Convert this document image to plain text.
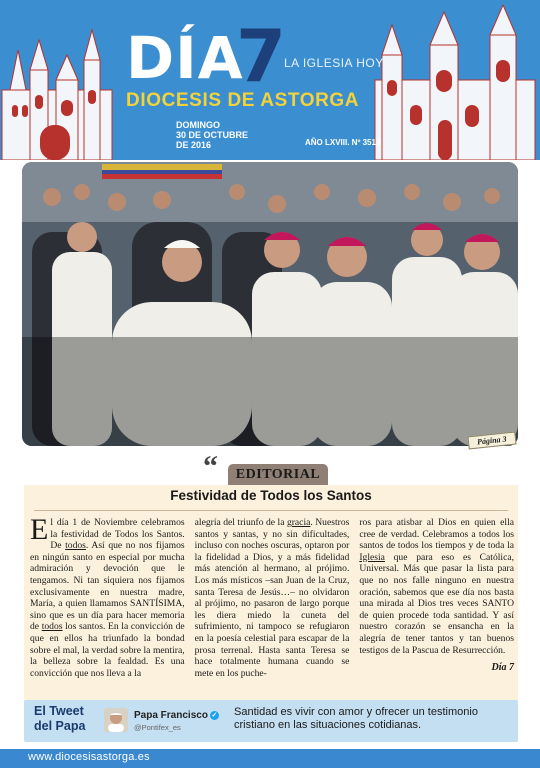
DÍA
7
LA IGLESIA HOY
DIOCESIS DE ASTORGA
DOMINGO
30 DE OCTUBRE
DE 2016	AÑO LXVIII. Nº 3519
Página 3
“	EDITORIAL
Festividad de Todos los Santos
El día 1 de Noviembre celebramos la festividad de Todos los Santos. De todos. Así que no nos fijamos en ningún santo en especial por mucha admiración y devoción que le tengamos. Ni tan siquiera nos fijamos exclusivamente en nuestra madre, María, a quien llamamos SANTÍSIMA, sino que es un día para hacer memoria de todos los santos. En la convicción de que en ellos ha triunfado la bondad sobre el mal, la verdad sobre la mentira, la belleza sobre la fealdad. Es una convicción que nos lleva a la
alegría del triunfo de la gracia. Nuestros santos y santas, y no sin dificultades, incluso con noches oscuras, optaron por la fidelidad a Dios, y a más fidelidad más atención al hermano, al prójimo. Los más místicos –san Juan de la Cruz, santa Teresa de Jesús…– no olvidaron al prójimo, no pasaron de largo porque les diera miedo la cuneta del sufrimiento, ni tampoco se refugiaron en la poesía celestial para escapar de la prosa terrenal. Hasta santa Teresa se hace totalmente humana cuando se mete en los puche-
ros para atisbar al Dios en quien ella cree de verdad. Celebramos a todos los santos de todos los tiempos y de toda la Iglesia que para eso es Católica, Universal. Más que pasar la lista para que no nos falle ninguno en nuestra oración, sabemos que ese día nos basta una mirada al Dios tres veces SANTO de quien procede toda santidad. Y así nuestro corazón se ensancha en la alegría de tener tantos y tan buenos testigos de la Pascua de Resurrección.
Día 7
El Tweet
del Papa
Papa Francisco ✓
@Pontifex_es
Santidad es vivir con amor y ofrecer un testimonio cristiano en las situaciones cotidianas.
www.diocesisastorga.es
